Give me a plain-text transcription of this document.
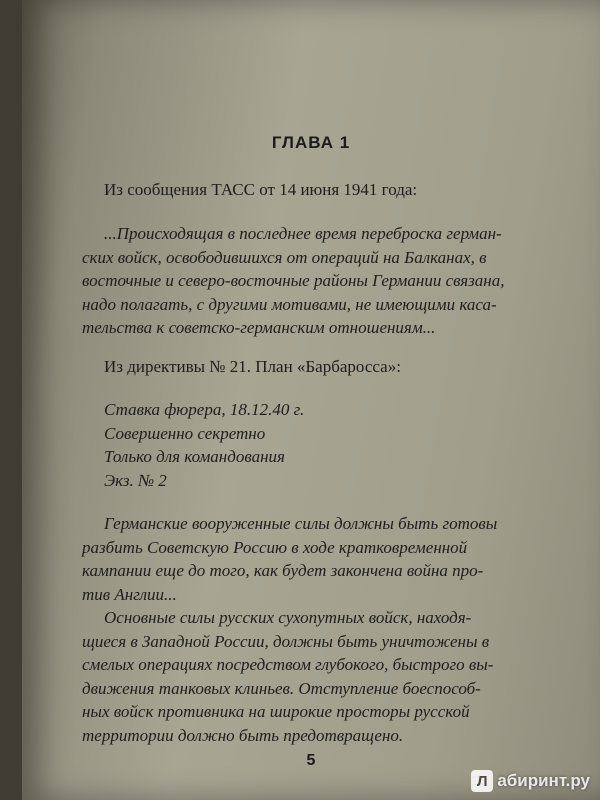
ГЛАВА 1
Из сообщения ТАСС от 14 июня 1941 года:
...Происходящая в последнее время переброска герман-
ских войск, освободившихся от операций на Балканах, в
восточные и северо-восточные районы Германии связана,
надо полагать, с другими мотивами, не имеющими каса-
тельства к советско-германским отношениям...
Из директивы № 21. План «Барбаросса»:
Ставка фюрера, 18.12.40 г.
Совершенно секретно
Только для командования
Экз. № 2
Германские вооруженные силы должны быть готовы
разбить Советскую Россию в ходе кратковременной
кампании еще до того, как будет закончена война про-
тив Англии...
Основные силы русских сухопутных войск, находя-
щиеся в Западной России, должны быть уничтожены в
смелых операциях посредством глубокого, быстрого вы-
движения танковых клиньев. Отступление боеспособ-
ных войск противника на широкие просторы русской
территории должно быть предотвращено.
5
Л абиринт.ру
